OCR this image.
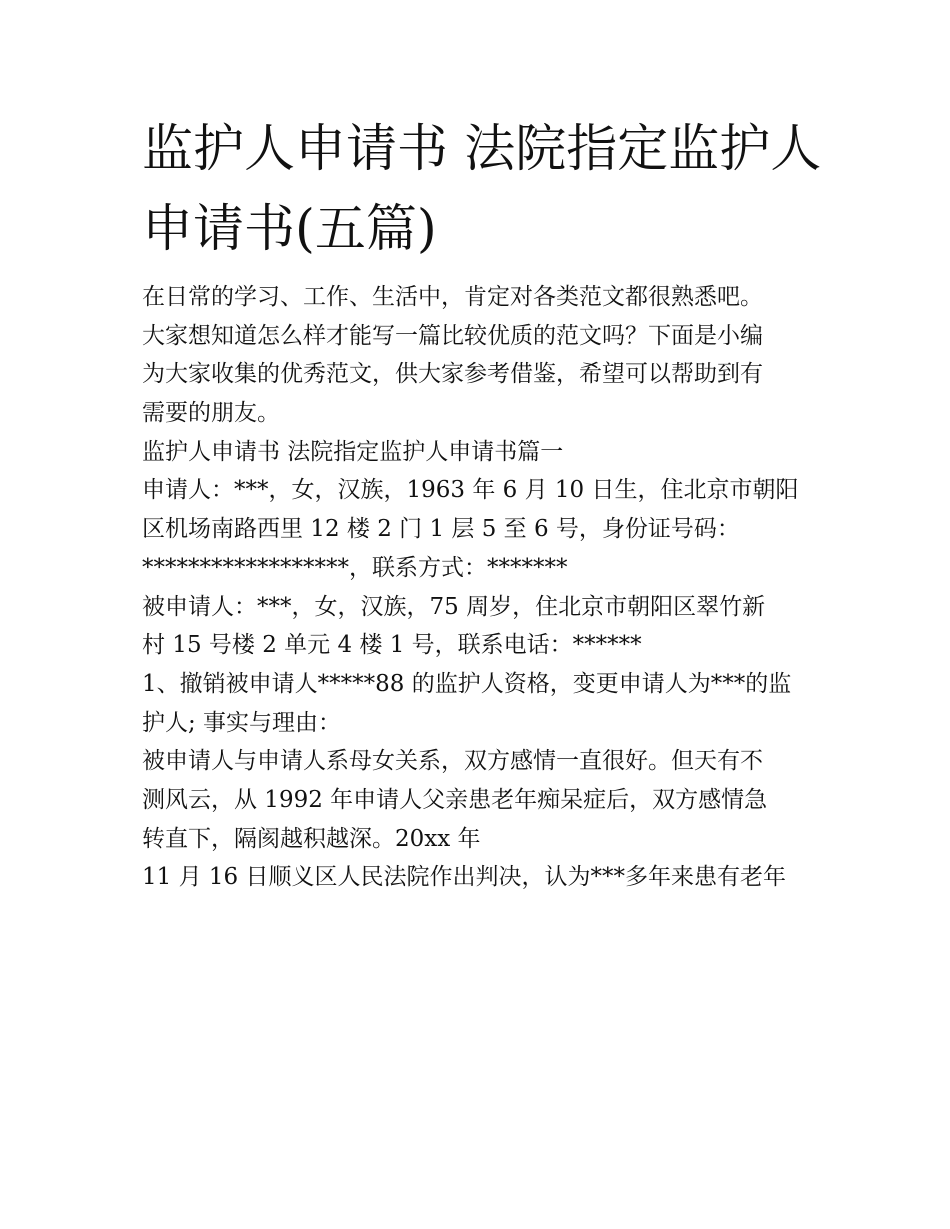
监护人申请书 法院指定监护人
申请书(五篇)
在日常的学习、工作、生活中，肯定对各类范文都很熟悉吧。
大家想知道怎么样才能写一篇比较优质的范文吗？下面是小编
为大家收集的优秀范文，供大家参考借鉴，希望可以帮助到有
需要的朋友。
监护人申请书 法院指定监护人申请书篇一
申请人：***，女，汉族，1963 年 6 月 10 日生，住北京市朝阳
区机场南路西里 12 楼 2 门 1 层 5 至 6 号，身份证号码：
******************，联系方式：*******
被申请人：***，女，汉族，75 周岁，住北京市朝阳区翠竹新
村 15 号楼 2 单元 4 楼 1 号，联系电话：******
1、撤销被申请人*****88 的监护人资格，变更申请人为***的监
护人; 事实与理由：
被申请人与申请人系母女关系，双方感情一直很好。但天有不
测风云，从 1992 年申请人父亲患老年痴呆症后，双方感情急
转直下，隔阂越积越深。20xx 年
11 月 16 日顺义区人民法院作出判决，认为***多年来患有老年
